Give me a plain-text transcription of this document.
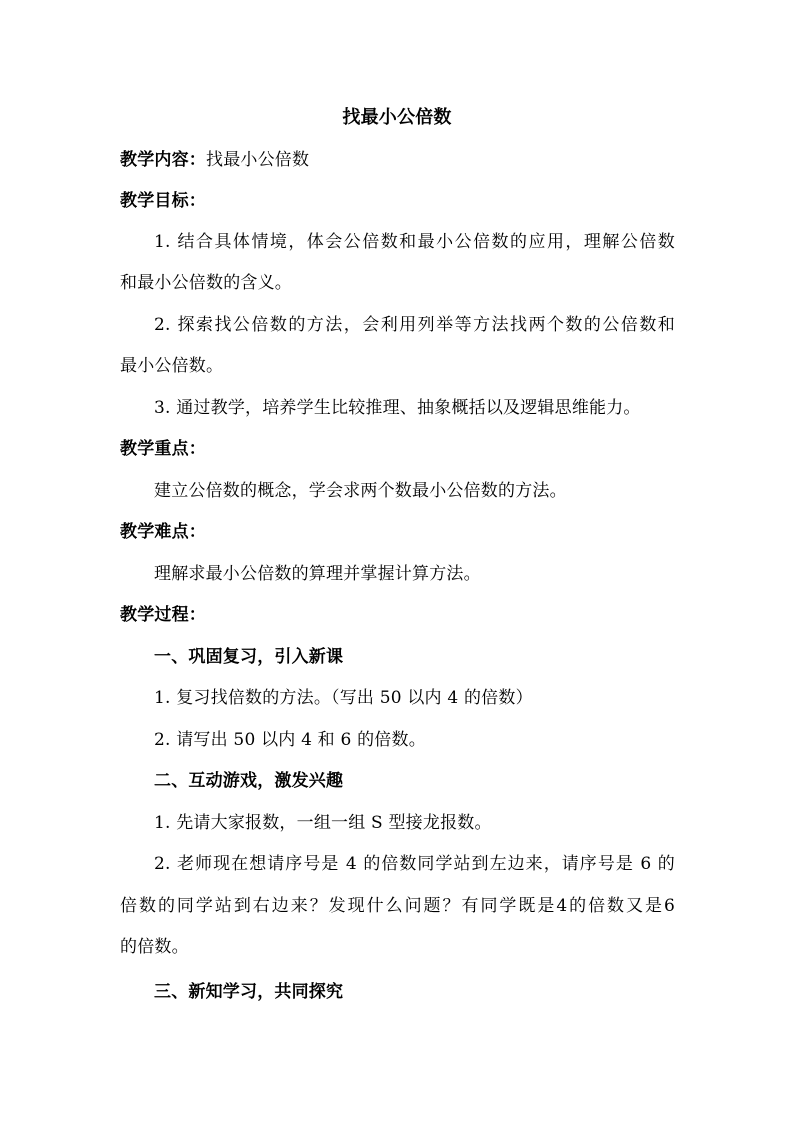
找最小公倍数
教学内容：找最小公倍数
教学目标：
1. 结合具体情境，体会公倍数和最小公倍数的应用，理解公倍数
和最小公倍数的含义。
2. 探索找公倍数的方法，会利用列举等方法找两个数的公倍数和
最小公倍数。
3. 通过教学，培养学生比较推理、抽象概括以及逻辑思维能力。
教学重点：
建立公倍数的概念，学会求两个数最小公倍数的方法。
教学难点：
理解求最小公倍数的算理并掌握计算方法。
教学过程：
一、巩固复习，引入新课
1. 复习找倍数的方法。（写出 50 以内 4 的倍数）
2. 请写出 50 以内 4 和 6 的倍数。
二、互动游戏，激发兴趣
1. 先请大家报数，一组一组 S 型接龙报数。
2. 老师现在想请序号是 4 的倍数同学站到左边来，请序号是 6 的
倍数的同学站到右边来？发现什么问题？有同学既是4的倍数又是6
的倍数。
三、新知学习，共同探究
